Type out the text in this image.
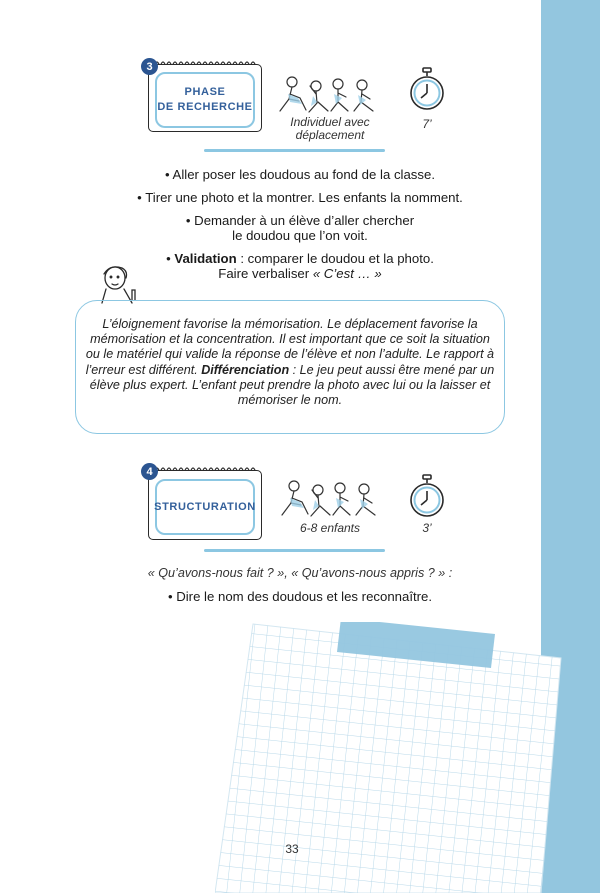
PHASE
DE RECHERCHE
3
Individuel avec déplacement
7’

• Aller poser les doudous au fond de la classe.

• Tirer une photo et la montrer. Les enfants la nomment.

• Demander à un élève d’aller chercher

le doudou que l’on voit.

• Validation : comparer le doudou et la photo.

Faire verbaliser « C’est … »

L’éloignement favorise la mémorisation. Le déplacement favorise la mémorisation et la concentration. Il est important que ce soit la situation ou le matériel qui valide la réponse de l’élève et non l’adulte. Le rapport à l’erreur est différent. Différenciation : Le jeu peut aussi être mené par un élève plus expert. L’enfant peut prendre la photo avec lui ou la laisser et mémoriser le nom.
STRUCTURATION
4
6-8 enfants	3’

« Qu’avons-nous fait ? », « Qu’avons-nous appris ? » :

• Dire le nom des doudous et les reconnaître.

33
